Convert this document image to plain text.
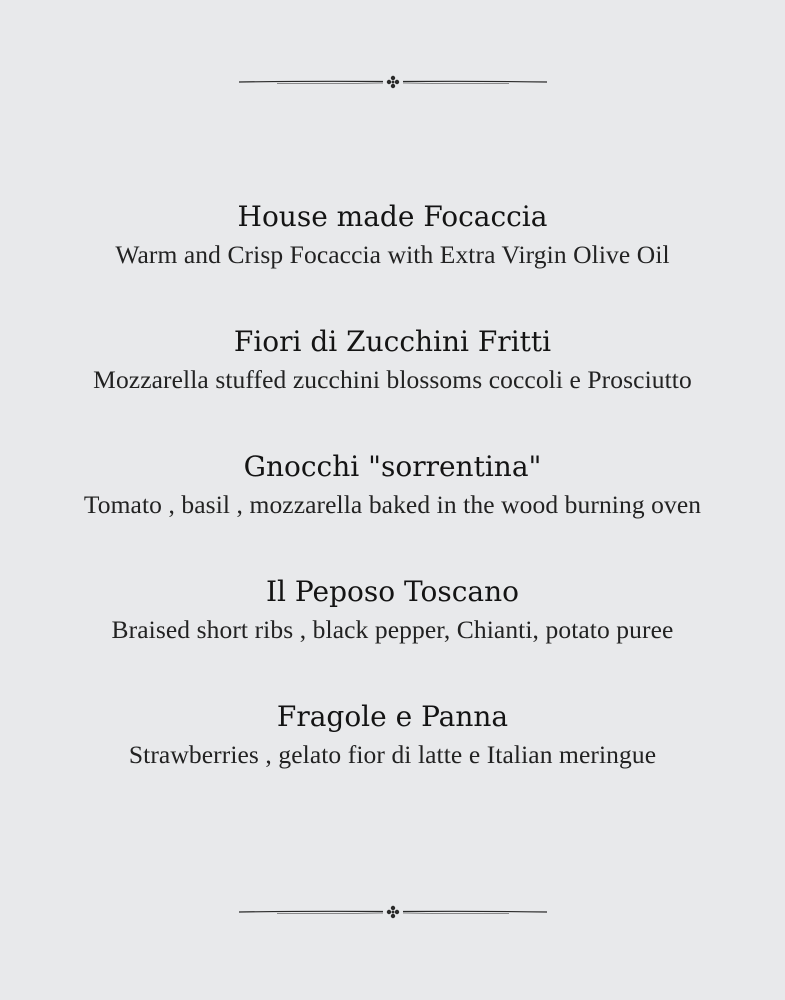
House made Focaccia
Warm and Crisp Focaccia with Extra Virgin Olive Oil
Fiori di Zucchini Fritti
Mozzarella stuffed zucchini blossoms coccoli e Prosciutto
Gnocchi "sorrentina"
Tomato , basil , mozzarella baked in the wood burning oven
Il Peposo Toscano
Braised short ribs , black pepper, Chianti, potato puree
Fragole e Panna
Strawberries , gelato fior di latte e Italian meringue
